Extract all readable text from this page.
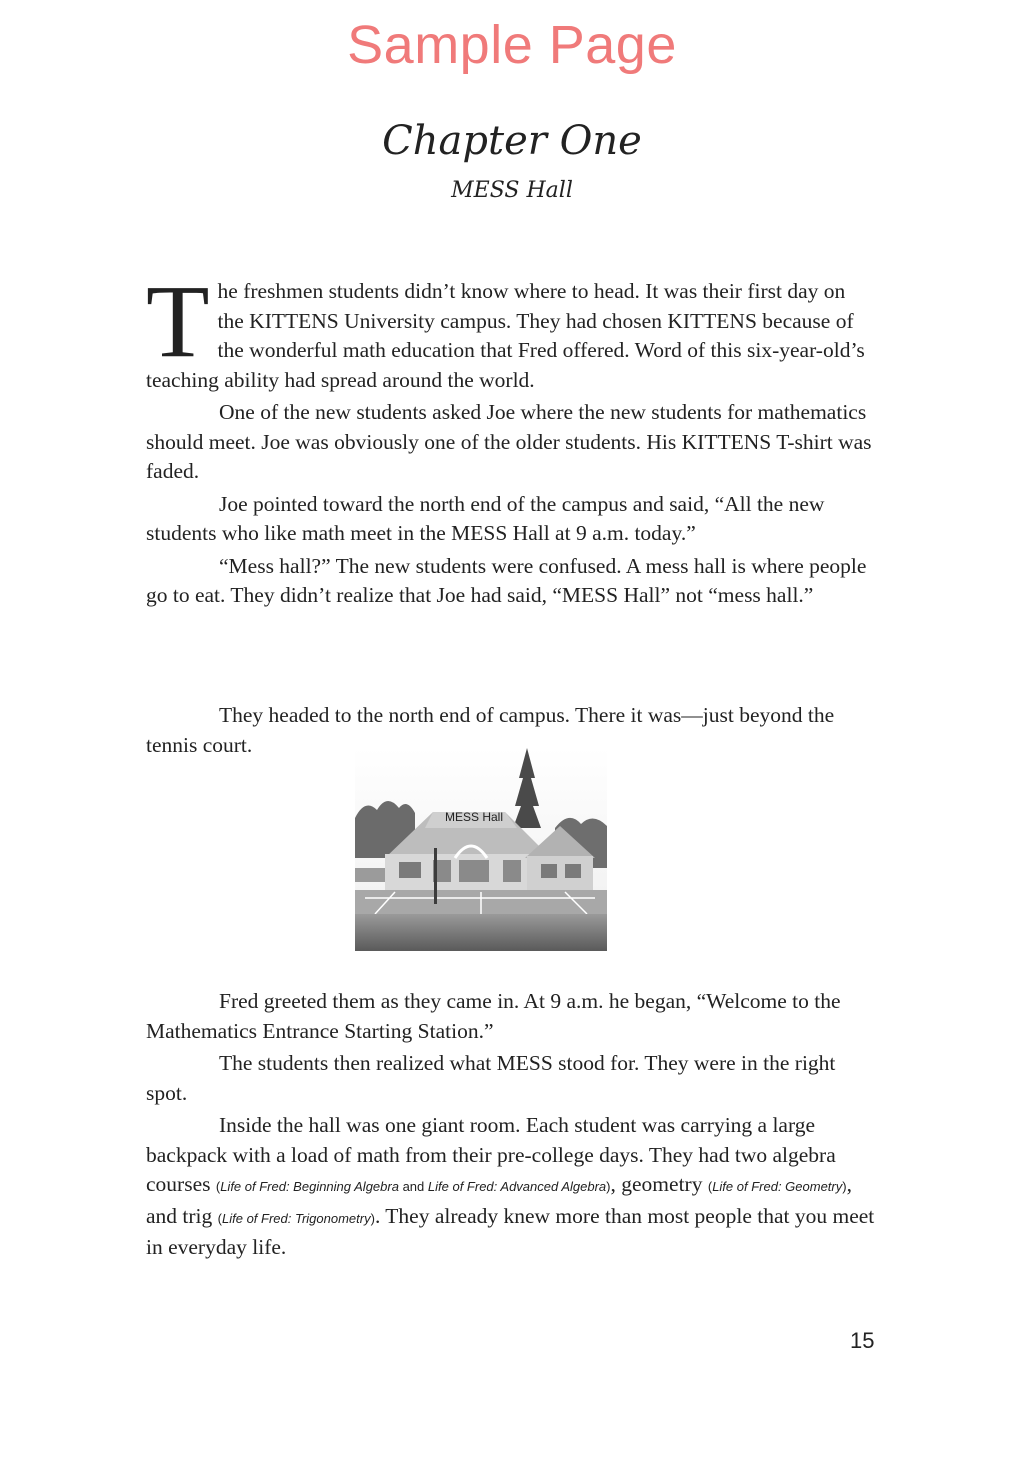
Sample Page
Chapter One
MESS Hall

The freshmen students didn’t know where to head. It was their first day on the KITTENS University campus. They had chosen KITTENS because of the wonderful math education that Fred offered. Word of this six-year-old’s teaching ability had spread around the world.

One of the new students asked Joe where the new students for mathematics should meet. Joe was obviously one of the older students. His KITTENS T-shirt was faded.

Joe pointed toward the north end of the campus and said, “All the new students who like math meet in the MESS Hall at 9 a.m. today.”

“Mess hall?” The new students were confused. A mess hall is where people go to eat. They didn’t realize that Joe had said, “MESS Hall” not “mess hall.”

They headed to the north end of campus. There it was—just beyond the tennis court.

MESS Hall

Fred greeted them as they came in. At 9 a.m. he began, “Welcome to the Mathematics Entrance Starting Station.”

The students then realized what MESS stood for. They were in the right spot.

Inside the hall was one giant room. Each student was carrying a large backpack with a load of math from their pre-college days. They had two algebra courses (Life of Fred: Beginning Algebra and Life of Fred: Advanced Algebra), geometry (Life of Fred: Geometry), and trig (Life of Fred: Trigonometry). They already knew more than most people that you meet in everyday life.

15
